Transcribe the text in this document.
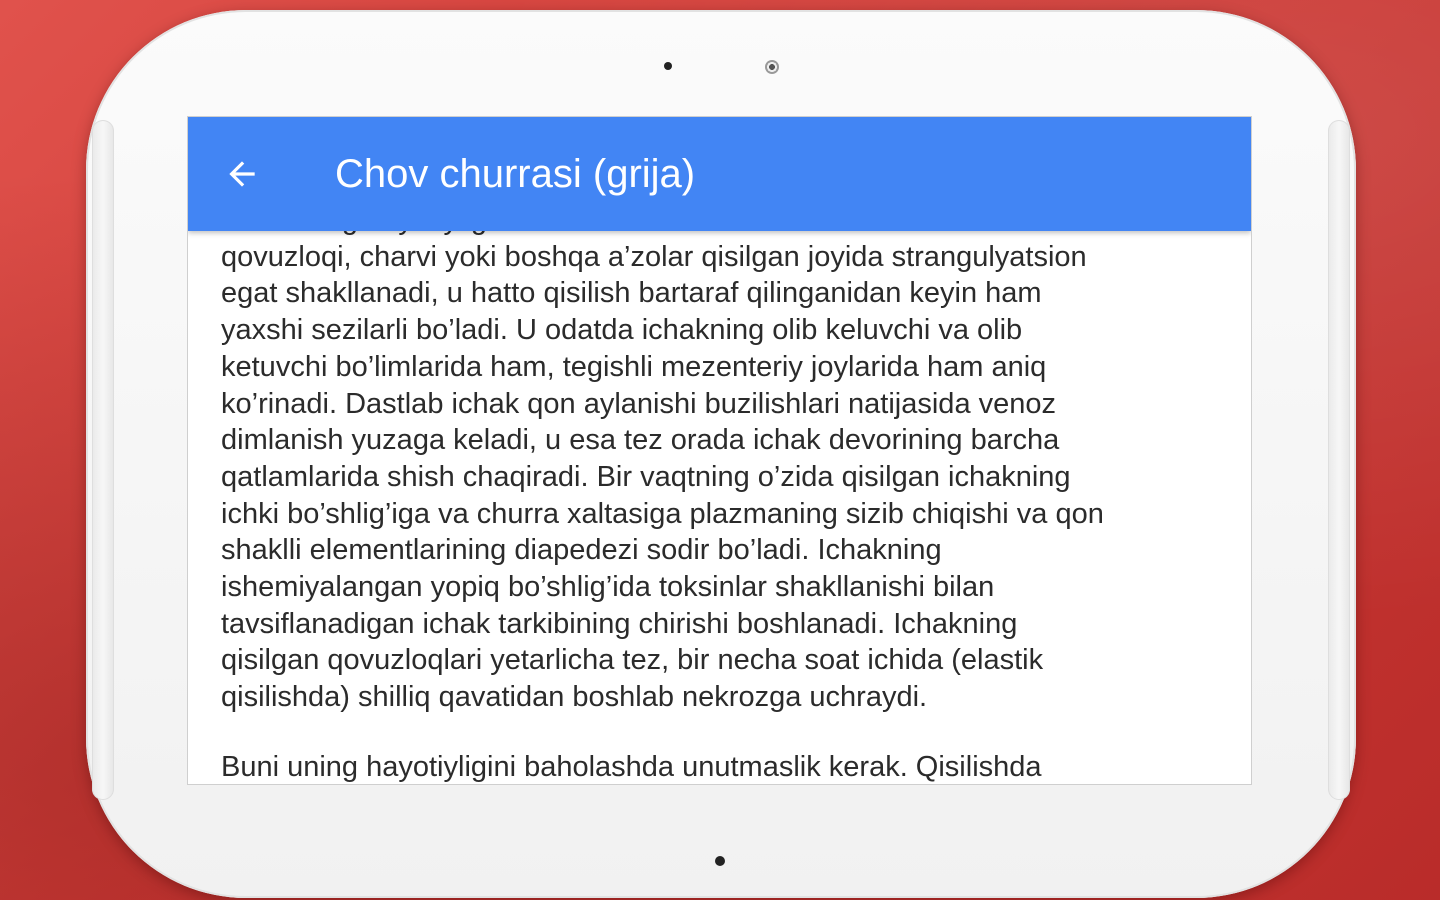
Chov churrasi (grija)

qovuzloqi, charvi yoki boshqa a’zolar qisilgan joyida strangulyatsion
egat shakllanadi, u hatto qisilish bartaraf qilinganidan keyin ham
yaxshi sezilarli bo’ladi. U odatda ichakning olib keluvchi va olib
ketuvchi bo’limlarida ham, tegishli mezenteriy joylarida ham aniq
ko’rinadi. Dastlab ichak qon aylanishi buzilishlari natijasida venoz
dimlanish yuzaga keladi, u esa tez orada ichak devorining barcha
qatlamlarida shish chaqiradi. Bir vaqtning o’zida qisilgan ichakning
ichki bo’shlig’iga va churra xaltasiga plazmaning sizib chiqishi va qon
shaklli elementlarining diapedezi sodir bo’ladi. Ichakning
ishemiyalangan yopiq bo’shlig’ida toksinlar shakllanishi bilan
tavsiflanadigan ichak tarkibining chirishi boshlanadi. Ichakning
qisilgan qovuzloqlari yetarlicha tez, bir necha soat ichida (elastik
qisilishda) shilliq qavatidan boshlab nekrozga uchraydi.

Buni uning hayotiyligini baholashda unutmaslik kerak. Qisilishda
